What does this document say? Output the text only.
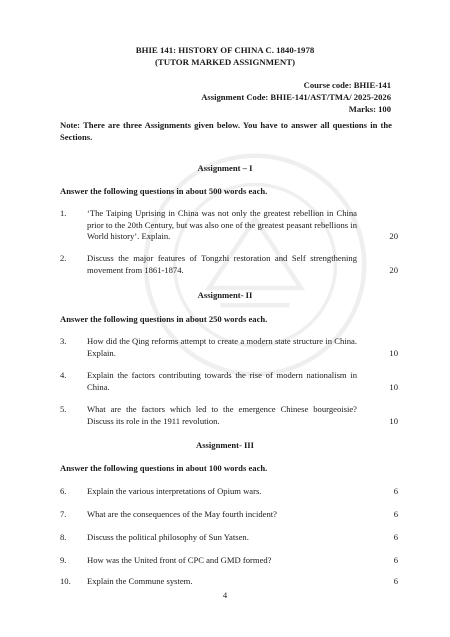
BHIE 141: HISTORY OF CHINA C. 1840-1978
(TUTOR MARKED ASSIGNMENT)
Course code: BHIE-141
Assignment Code: BHIE-141/AST/TMA/ 2025-2026
Marks: 100
Note: There are three Assignments given below. You have to answer all questions in the Sections.
Assignment – I
Answer the following questions in about 500 words each.
1.	‘The Taiping Uprising in China was not only the greatest rebellion in China prior to the 20th Century, but was also one of the greatest peasant rebellions in World history’. Explain.	20
2.	Discuss the major features of Tongzhi restoration and Self strengthening movement from 1861-1874.	20
Assignment- II
Answer the following questions in about 250 words each.
3.	How did the Qing reforms attempt to create a modern state structure in China. Explain.	10
4.	Explain the factors contributing towards the rise of modern nationalism in China.	10
5.	What are the factors which led to the emergence Chinese bourgeoisie? Discuss its role in the 1911 revolution.	10
Assignment- III
Answer the following questions in about 100 words each.
6.	Explain the various interpretations of Opium wars.	6
7.	What are the consequences of the May fourth incident?	6
8.	Discuss the political philosophy of Sun Yatsen.	6
9.	How was the United front of CPC and GMD formed?	6
10.	Explain the Commune system.	6
4
